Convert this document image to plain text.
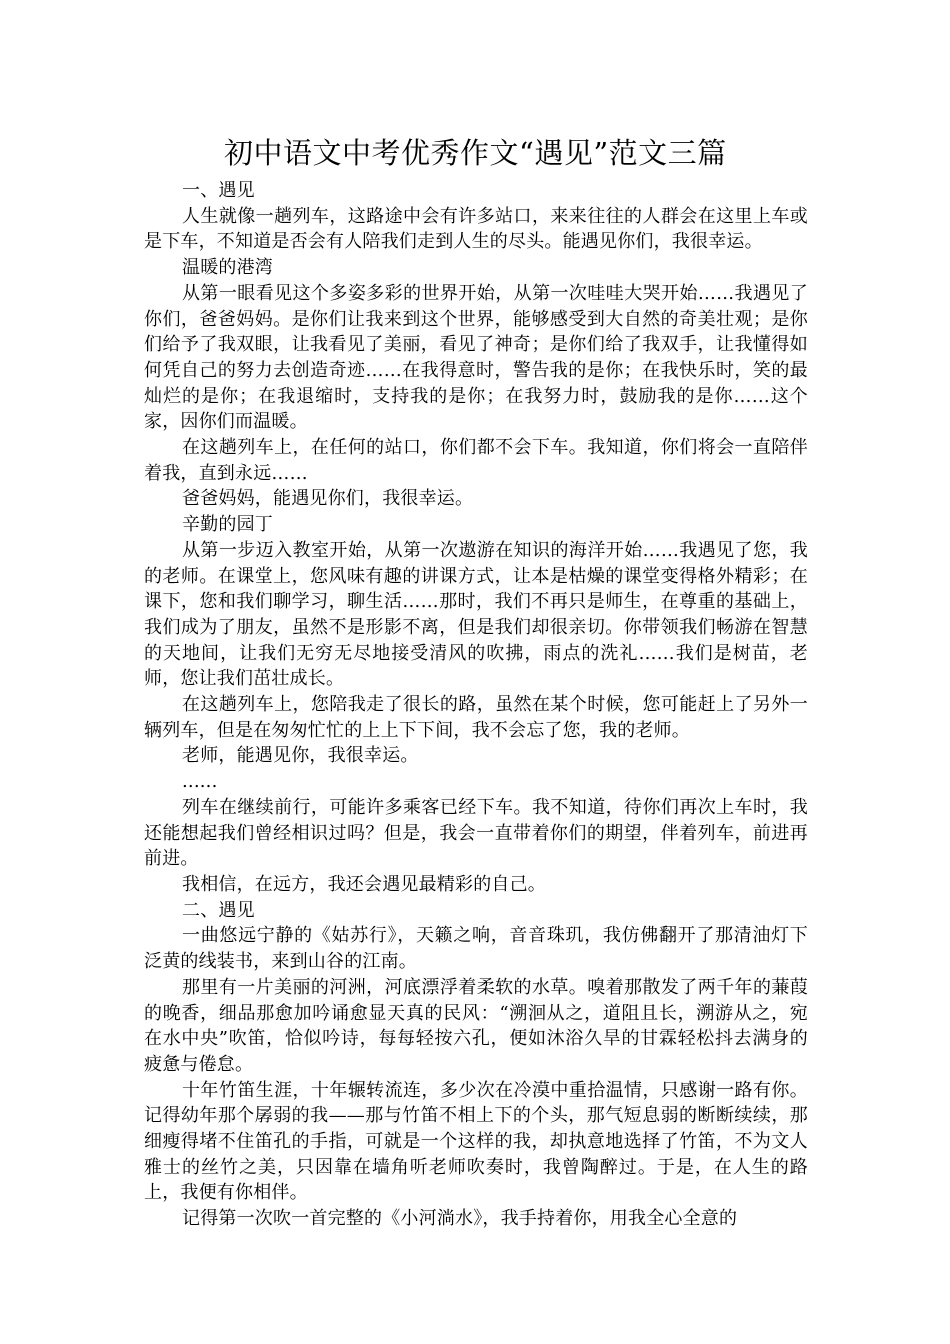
初中语文中考优秀作文“遇见”范文三篇

一、遇见

人生就像一趟列车，这路途中会有许多站口，来来往往的人群会在这里上车或是下车，不知道是否会有人陪我们走到人生的尽头。能遇见你们，我很幸运。

温暖的港湾

从第一眼看见这个多姿多彩的世界开始，从第一次哇哇大哭开始……我遇见了你们，爸爸妈妈。是你们让我来到这个世界，能够感受到大自然的奇美壮观；是你们给予了我双眼，让我看见了美丽，看见了神奇；是你们给了我双手，让我懂得如何凭自己的努力去创造奇迹……在我得意时，警告我的是你；在我快乐时，笑的最灿烂的是你；在我退缩时，支持我的是你；在我努力时，鼓励我的是你……这个家，因你们而温暖。

在这趟列车上，在任何的站口，你们都不会下车。我知道，你们将会一直陪伴着我，直到永远……

爸爸妈妈，能遇见你们，我很幸运。

辛勤的园丁

从第一步迈入教室开始，从第一次遨游在知识的海洋开始……我遇见了您，我的老师。在课堂上，您风味有趣的讲课方式，让本是枯燥的课堂变得格外精彩；在课下，您和我们聊学习，聊生活……那时，我们不再只是师生，在尊重的基础上，我们成为了朋友，虽然不是形影不离，但是我们却很亲切。你带领我们畅游在智慧的天地间，让我们无穷无尽地接受清风的吹拂，雨点的洗礼……我们是树苗，老师，您让我们茁壮成长。

在这趟列车上，您陪我走了很长的路，虽然在某个时候，您可能赶上了另外一辆列车，但是在匆匆忙忙的上上下下间，我不会忘了您，我的老师。

老师，能遇见你，我很幸运。

......

列车在继续前行，可能许多乘客已经下车。我不知道，待你们再次上车时，我还能想起我们曾经相识过吗？但是，我会一直带着你们的期望，伴着列车，前进再前进。

我相信，在远方，我还会遇见最精彩的自己。

二、遇见

一曲悠远宁静的《姑苏行》，天籁之响，音音珠玑，我仿佛翻开了那清油灯下泛黄的线装书，来到山谷的江南。

那里有一片美丽的河洲，河底漂浮着柔软的水草。嗅着那散发了两千年的蒹葭的晚香，细品那愈加吟诵愈显天真的民风：“溯洄从之，道阻且长，溯游从之，宛在水中央”吹笛，恰似吟诗，每每轻按六孔，便如沐浴久旱的甘霖轻松抖去满身的疲惫与倦怠。

十年竹笛生涯，十年辗转流连，多少次在冷漠中重拾温情，只感谢一路有你。记得幼年那个孱弱的我——那与竹笛不相上下的个头，那气短息弱的断断续续，那细瘦得堵不住笛孔的手指，可就是一个这样的我，却执意地选择了竹笛，不为文人雅士的丝竹之美，只因靠在墙角听老师吹奏时，我曾陶醉过。于是，在人生的路上，我便有你相伴。

记得第一次吹一首完整的《小河淌水》，我手持着你，用我全心全意的
